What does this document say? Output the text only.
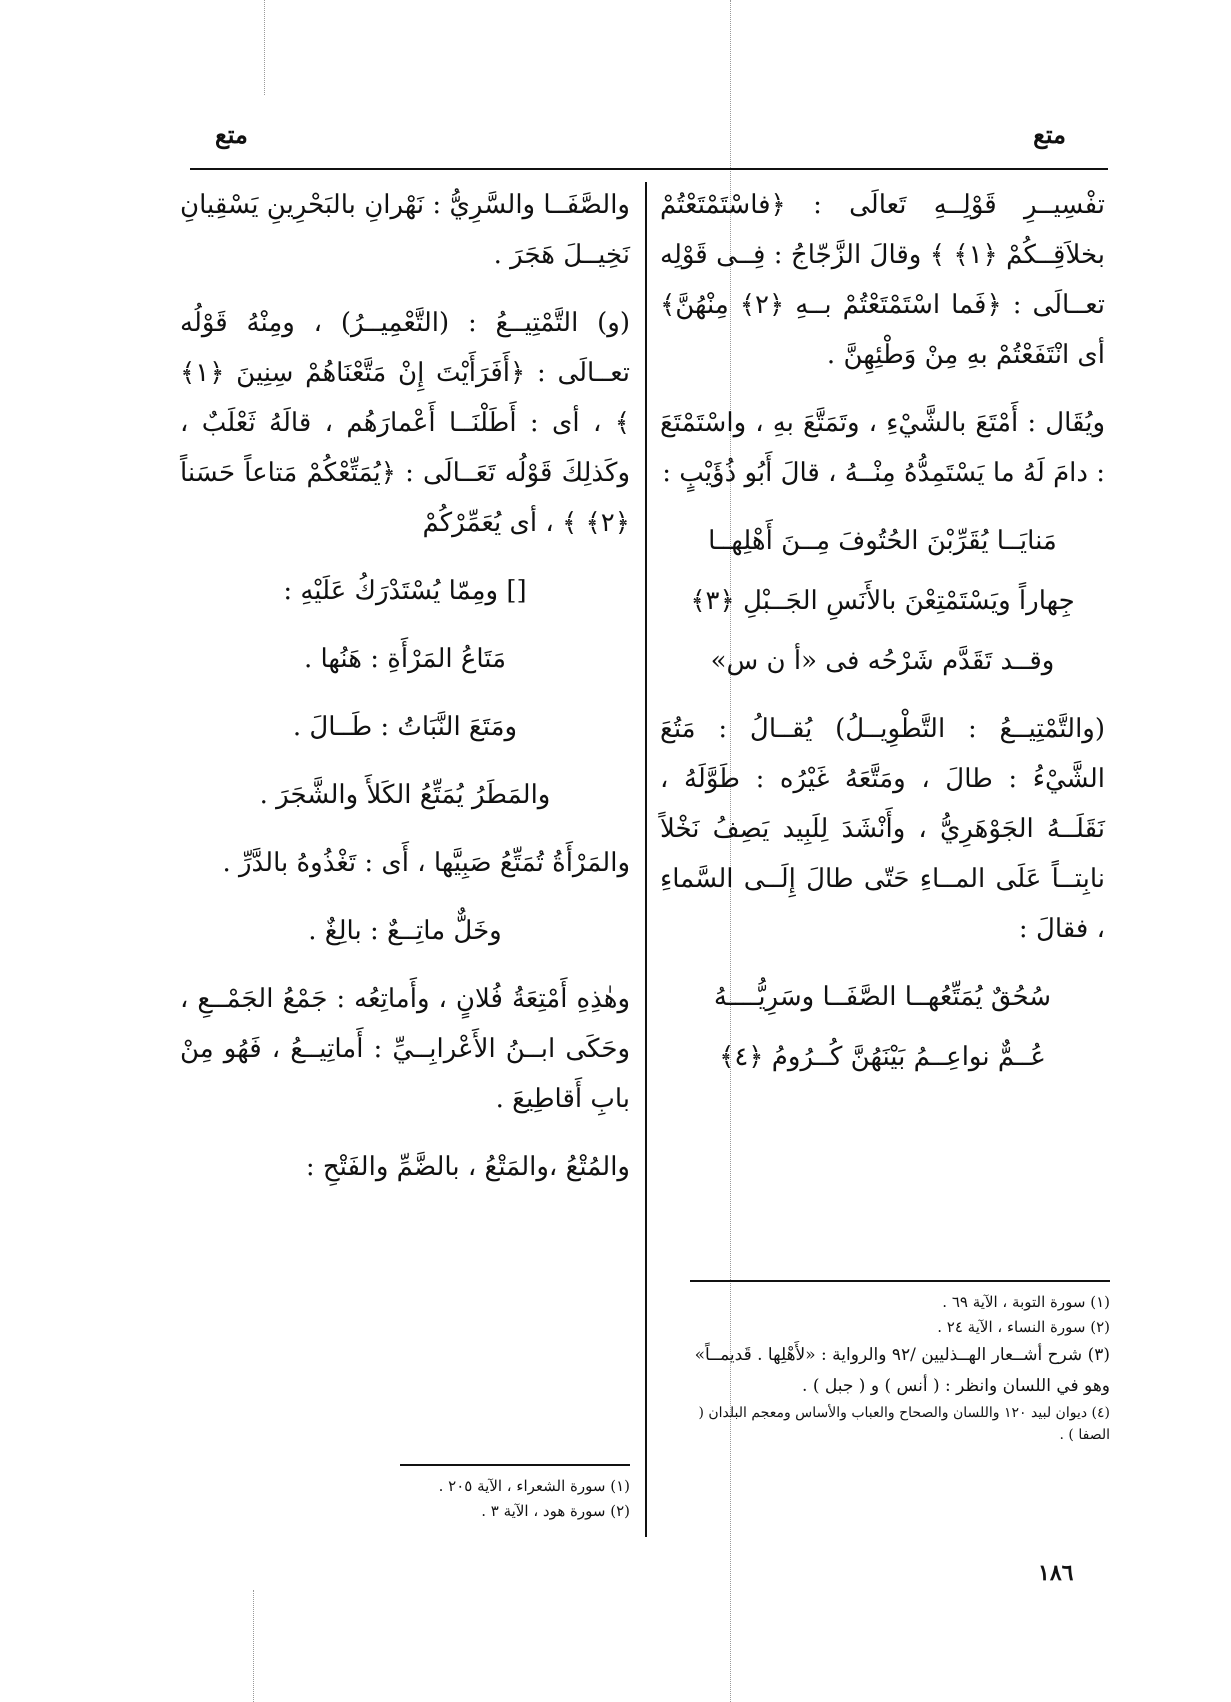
متع
متع

تفْسِيــرِ قَوْلِــهِ تَعالَى : ﴿فاسْتَمْتَعْتُمْ بخلاَقِــكُمْ ﴿١﴾ ﴾ وقالَ الزَّجّاجُ : فِــى قَوْلِه تعــالَى : ﴿فَما اسْتَمْتَعْتُمْ بــهِ ﴿٢﴾ مِنْهُنَّ﴾ أى انْتَفَعْتُمْ بهِ مِنْ وَطْئِهِنَّ .

ويُقَال : أَمْتَعَ بالشَّيْءِ ، وتَمَتَّعَ بهِ ، واسْتَمْتَعَ : دامَ لَهُ ما يَسْتَمِدُّهُ مِنْــهُ ، قالَ أَبُو ذُؤَيْبٍ :

مَنايَــا يُقَرِّبْنَ الحُتُوفَ مِــنَ أَهْلِهــا

جِهاراً ويَسْتَمْتِعْنَ بالأَنَسِ الجَــبْلِ ﴿٣﴾

وقــد تَقَدَّم شَرْحُه فى «أ ن س»

(والتَّمْتِيــعُ : التَّطْوِيــلُ) يُقــالُ : مَتُعَ الشَّيْءُ : طالَ ، ومَتَّعَهُ غَيْرُه : طَوَّلَهُ ، نَقَلَــهُ الجَوْهَرِيُّ ، وأَنْشَدَ لِلَبِيد يَصِفُ نَخْلاً نابِتــاً عَلَى المــاءِ حَتّى طالَ إِلَــى السَّماءِ ، فقالَ :

سُحُقٌ يُمَتِّعُهــا الصَّفَــا وسَرِيُّــــهُ

عُــمٌّ نواعِــمُ بَيْنَهُنَّ كُــرُومُ ﴿٤﴾

والصَّفَــا والسَّرِيُّ : نَهْرانِ بالبَحْرِينِ يَسْقِيانِ نَخِيــلَ هَجَرَ .

(و) التَّمْتِيــعُ : (التَّعْمِيــرُ) ، ومِنْهُ قَوْلُه تعــالَى : ﴿أَفَرَأَيْتَ إِنْ مَتَّعْنَاهُمْ سِنِينَ ﴿١﴾ ﴾ ، أى : أَطَلْنَــا أَعْمارَهُم ، قالَهُ ثَعْلَبٌ ، وكَذلِكَ قَوْلُه تَعَــالَى : ﴿يُمَتِّعْكُمْ مَتاعاً حَسَناً ﴿٢﴾ ﴾ ، أى يُعَمِّرْكُمْ

[] ومِمّا يُسْتَدْرَكُ عَلَيْهِ :

مَتَاعُ المَرْأَةِ : هَنُها .

ومَتَعَ النَّبَاتُ : طَــالَ .

والمَطَرُ يُمَتِّعُ الكَلأَ والشَّجَرَ .

والمَرْأَةُ تُمَتِّعُ صَبِيَّها ، أَى : تَغْذُوهُ بالدَّرِّ .

وخَلٌّ ماتِــعٌ : بالِغٌ .

وهٰذِهِ أَمْتِعَةُ فُلانٍ ، وأَماتِعُه : جَمْعُ الجَمْــعِ ، وحَكَى ابــنُ الأَعْرابِــيِّ : أَماتِيــعُ ، فَهُو مِنْ بابِ أَقاطِيعَ .

والمُتْعُ ،والمَتْعُ ، بالضَّمِّ والفَتْحِ :

(١) سورة التوبة ، الآية ٦٩ .
(٢) سورة النساء ، الآية ٢٤ .
(٣) شرح أشــعار الهــذليين /٩٢ والرواية : «لأَهْلِها . قَديمــاً» وهو في اللسان وانظر : ( أنس ) و ( جبل ) .
(٤) ديوان لبيد ١٢٠ واللسان والصحاح والعباب والأساس ومعجم البلدان ( الصفا ) .
(١) سورة الشعراء ، الآية ٢٠٥ .
(٢) سورة هود ، الآية ٣ .
١٨٦
